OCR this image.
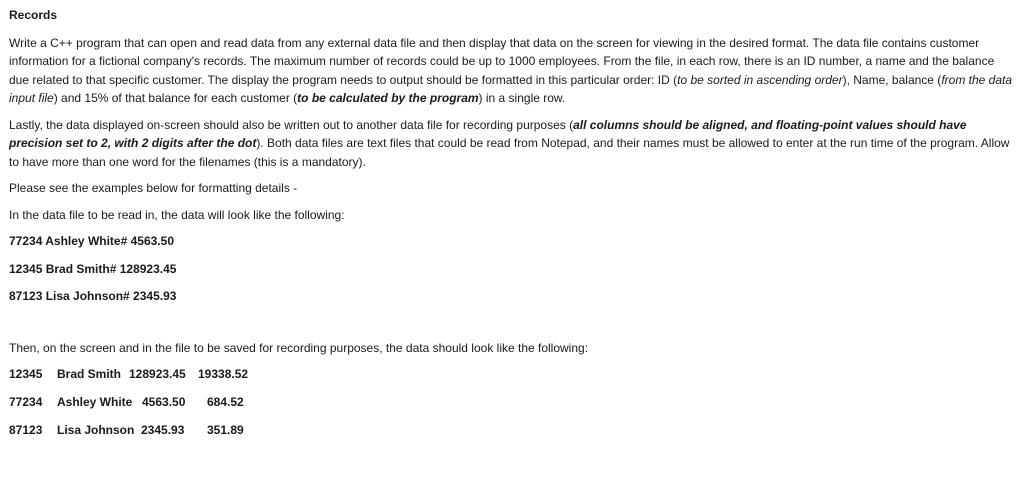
Records

Write a C++ program that can open and read data from any external data file and then display that data on the screen for viewing in the desired format. The data file contains customer information for a fictional company's records. The maximum number of records could be up to 1000 employees. From the file, in each row, there is an ID number, a name and the balance due related to that specific customer. The display the program needs to output should be formatted in this particular order: ID (to be sorted in ascending order), Name, balance (from the data input file) and 15% of that balance for each customer (to be calculated by the program) in a single row.

Lastly, the data displayed on-screen should also be written out to another data file for recording purposes (all columns should be aligned, and floating-point values should have precision set to 2, with 2 digits after the dot). Both data files are text files that could be read from Notepad, and their names must be allowed to enter at the run time of the program. Allow to have more than one word for the filenames (this is a mandatory).

Please see the examples below for formatting details -

In the data file to be read in, the data will look like the following:

77234 Ashley White# 4563.50
12345 Brad Smith# 128923.45
87123 Lisa Johnson# 2345.93

Then, on the screen and in the file to be saved for recording purposes, the data should look like the following:

12345	Brad Smith 128923.45	19338.52
77234	Ashley White 4563.50	684.52
87123	Lisa Johnson 2345.93	351.89
